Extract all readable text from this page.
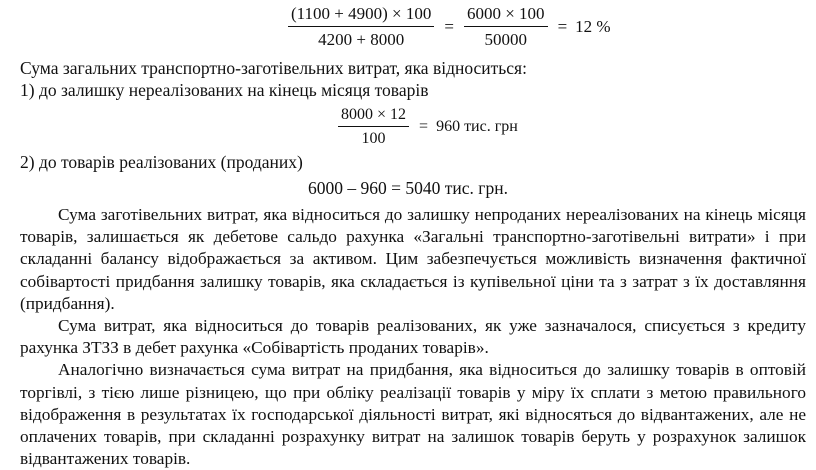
$\frac{(1100 + 4900) \times 100}{4200 + 8000} = \frac{6000 \times 100}{50000} = 12$ %
Сума загальних транспортно-заготівельних витрат, яка відноситься:
1) до залишку нереалізованих на кінець місяця товарів
$\frac{8000 \times 12}{100} = 960$ тис. грн
2) до товарів реалізованих (проданих)
6000 – 960 = 5040 тис. грн.

Сума заготівельних витрат, яка відноситься до залишку непроданих нереалізованих на кінець місяця товарів, залишається як дебетове сальдо рахунка «Загальні транспортно-заготівельні витрати» і при складанні балансу відображається за активом. Цим забезпечується можливість визначення фактичної собівартості придбання залишку товарів, яка складається із купівельної ціни та з затрат з їх доставляння (придбання).

Сума витрат, яка відноситься до товарів реалізованих, як уже зазначалося, списується з кредиту рахунка ЗТЗЗ в дебет рахунка «Собівартість проданих товарів».

Аналогічно визначається сума витрат на придбання, яка відноситься до залишку товарів в оптовій торгівлі, з тією лише різницею, що при обліку реалізації товарів у міру їх сплати з метою правильного відображення в результатах їх господарської діяльності витрат, які відносяться до відвантажених, але не оплачених товарів, при складанні розрахунку витрат на залишок товарів беруть у розрахунок залишок відвантажених товарів.
